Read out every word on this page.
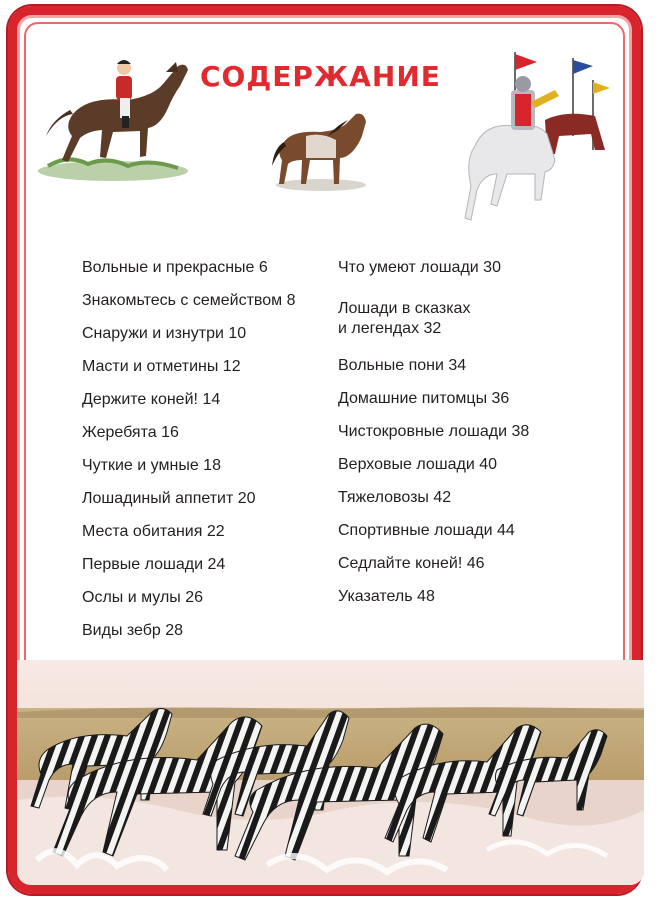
СОДЕРЖАНИЕ
Вольные и прекрасные 6
Знакомьтесь с семейством 8
Снаружи и изнутри 10
Масти и отметины 12
Держите коней! 14
Жеребята 16
Чуткие и умные 18
Лошадиный аппетит 20
Места обитания 22
Первые лошади 24
Ослы и мулы 26
Виды зебр 28
Что умеют лошади 30
Лошади в сказках
и легендах 32
Вольные пони 34
Домашние питомцы 36
Чистокровные лошади 38
Верховые лошади 40
Тяжеловозы 42
Спортивные лошади 44
Седлайте коней! 46
Указатель 48
